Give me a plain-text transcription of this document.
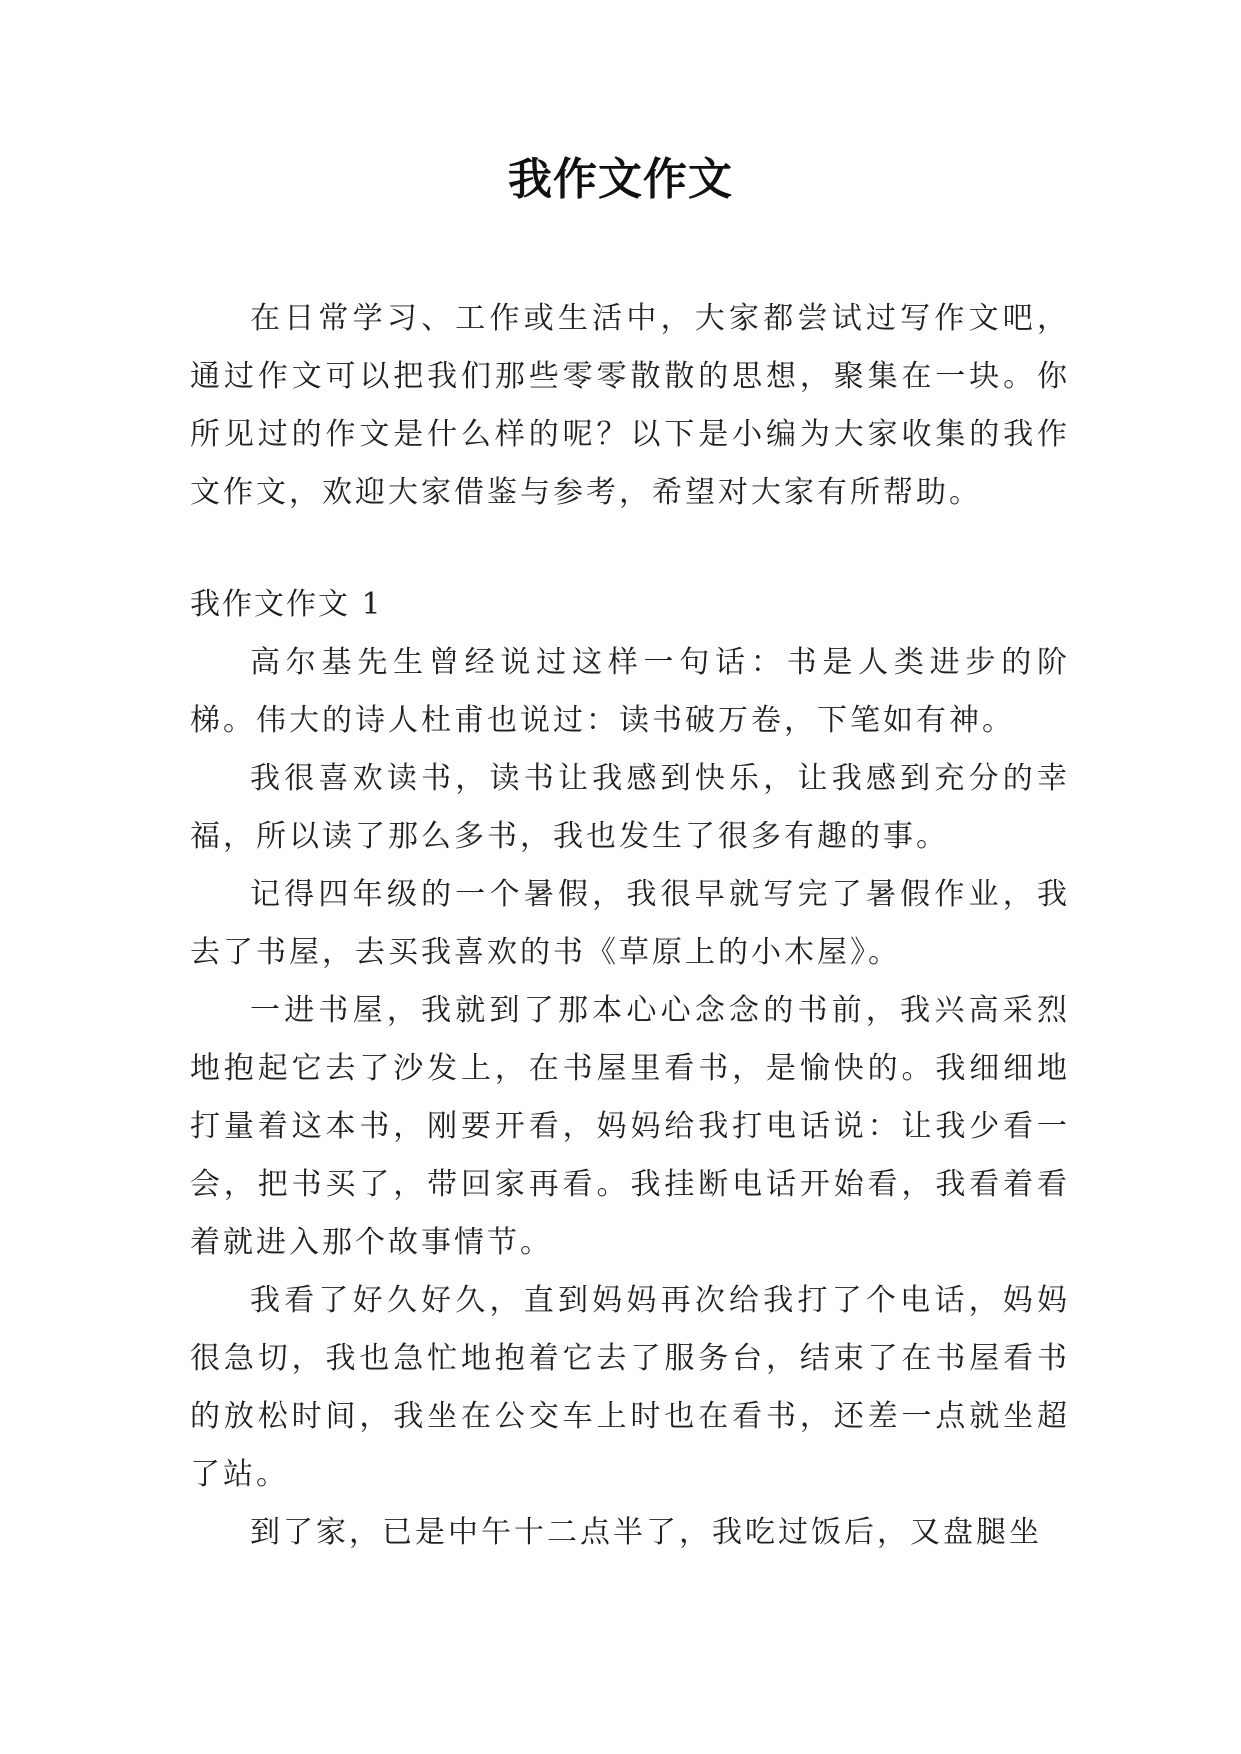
我作文作文

在日常学习、工作或生活中，大家都尝试过写作文吧，通过作文可以把我们那些零零散散的思想，聚集在一块。你所见过的作文是什么样的呢？以下是小编为大家收集的我作文作文，欢迎大家借鉴与参考，希望对大家有所帮助。

我作文作文 1

高尔基先生曾经说过这样一句话：书是人类进步的阶梯。伟大的诗人杜甫也说过：读书破万卷，下笔如有神。

我很喜欢读书，读书让我感到快乐，让我感到充分的幸福，所以读了那么多书，我也发生了很多有趣的事。

记得四年级的一个暑假，我很早就写完了暑假作业，我去了书屋，去买我喜欢的书《草原上的小木屋》。

一进书屋，我就到了那本心心念念的书前，我兴高采烈地抱起它去了沙发上，在书屋里看书，是愉快的。我细细地打量着这本书，刚要开看，妈妈给我打电话说：让我少看一会，把书买了，带回家再看。我挂断电话开始看，我看着看着就进入那个故事情节。

我看了好久好久，直到妈妈再次给我打了个电话，妈妈很急切，我也急忙地抱着它去了服务台，结束了在书屋看书的放松时间，我坐在公交车上时也在看书，还差一点就坐超了站。

到了家，已是中午十二点半了，我吃过饭后，又盘腿坐
